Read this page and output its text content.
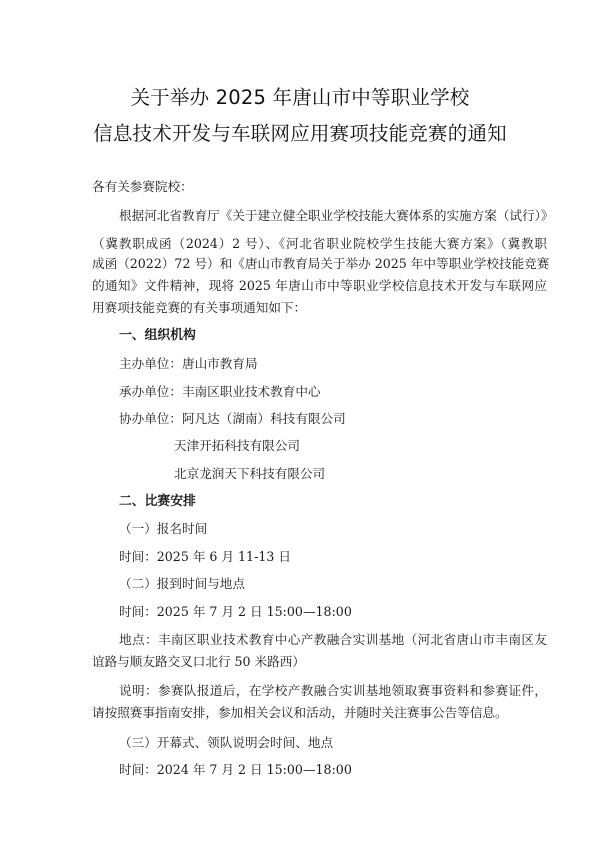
关于举办 2025 年唐山市中等职业学校
信息技术开发与车联网应用赛项技能竞赛的通知
各有关参赛院校：
根据河北省教育厅《关于建立健全职业学校技能大赛体系的实施方案（试行）》
（冀教职成函（2024）2 号）、《河北省职业院校学生技能大赛方案》（冀教职
成函（2022）72 号）和《唐山市教育局关于举办 2025 年中等职业学校技能竞赛
的通知》文件精神，现将 2025 年唐山市中等职业学校信息技术开发与车联网应
用赛项技能竞赛的有关事项通知如下：
一、组织机构
主办单位：唐山市教育局
承办单位：丰南区职业技术教育中心
协办单位：阿凡达（湖南）科技有限公司
天津开拓科技有限公司
北京龙润天下科技有限公司
二、比赛安排
（一）报名时间
时间：2025 年 6 月 11-13 日
（二）报到时间与地点
时间：2025 年 7 月 2 日 15:00—18:00
地点：丰南区职业技术教育中心产教融合实训基地（河北省唐山市丰南区友
谊路与顺友路交叉口北行 50 米路西）
说明：参赛队报道后，在学校产教融合实训基地领取赛事资料和参赛证件，
请按照赛事指南安排，参加相关会议和活动，并随时关注赛事公告等信息。
（三）开幕式、领队说明会时间、地点
时间：2024 年 7 月 2 日 15:00—18:00
